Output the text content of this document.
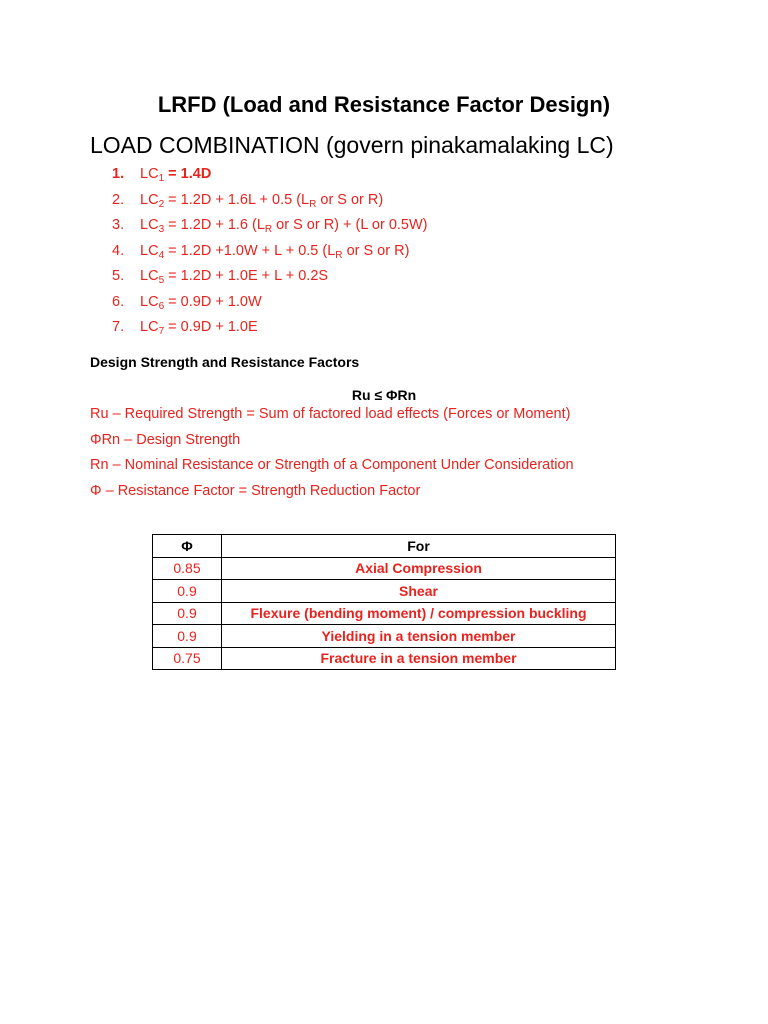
LRFD (Load and Resistance Factor Design)
LOAD COMBINATION (govern pinakamalaking LC)
1. $LC_1 = 1.4D$
2. $LC_2 = 1.2D + 1.6L + 0.5$ ($L_R$ or S or R)
3. $LC_3 = 1.2D + 1.6$ ($L_R$ or S or R) + (L or 0.5W)
4. $LC_4 = 1.2D +1.0W + L + 0.5$ ($L_R$ or S or R)
5. $LC_5 = 1.2D + 1.0E + L + 0.2S$
6. $LC_6 = 0.9D + 1.0W$
7. $LC_7 = 0.9D + 1.0E$
Design Strength and Resistance Factors
Ru ≤ ΦRn
Ru – Required Strength = Sum of factored load effects (Forces or Moment)
ΦRn – Design Strength
Rn – Nominal Resistance or Strength of a Component Under Consideration
Φ – Resistance Factor = Strength Reduction Factor
Φ	For
0.85	Axial Compression
0.9	Shear
0.9	Flexure (bending moment) / compression buckling
0.9	Yielding in a tension member
0.75	Fracture in a tension member
